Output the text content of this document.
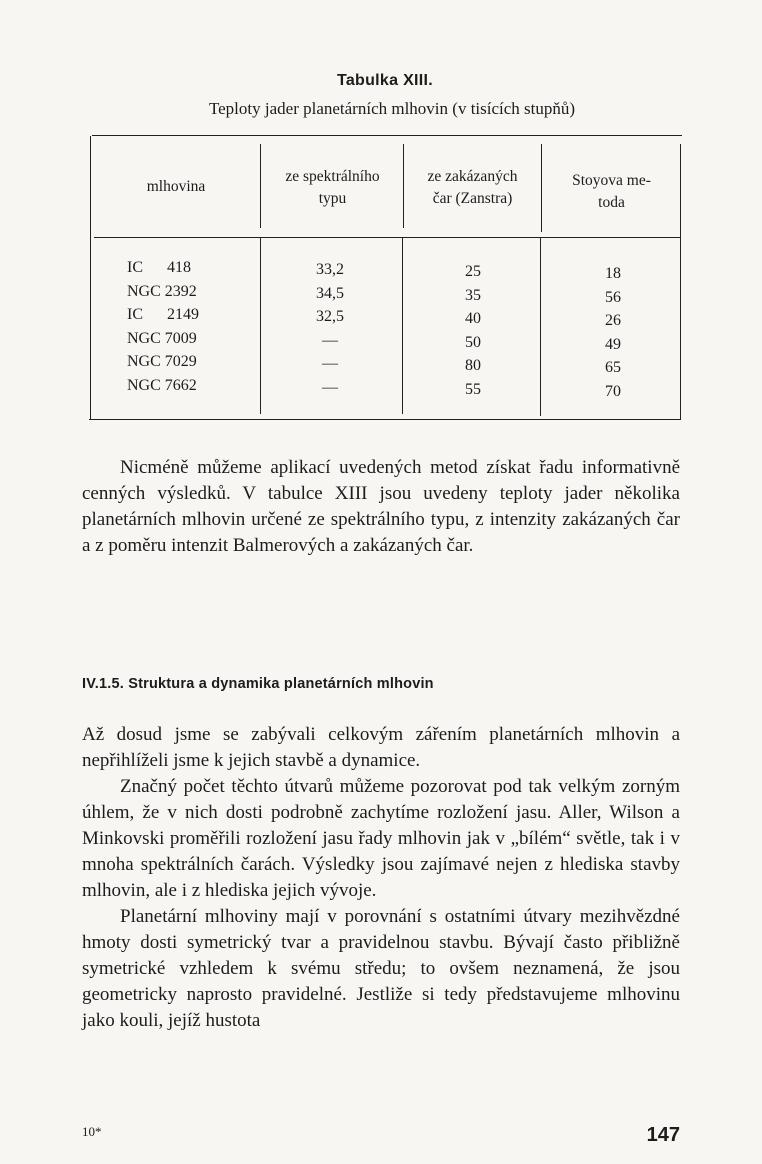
Tabulka XIII.
Teploty jader planetárních mlhovin (v tisících stupňů)
mlhovina
ze spektrálního
typu
ze zakázaných
čar (Zanstra)
Stoyova me-
toda
IC      418
NGC 2392
IC      2149
NGC 7009
NGC 7029
NGC 7662
33,2
34,5
32,5
—
—
—
25
35
40
50
80
55
18
56
26
49
65
70

Nicméně můžeme aplikací uvedených metod získat řadu informativně cenných výsledků. V tabulce XIII jsou uvedeny teploty jader několika planetárních mlhovin určené ze spektrálního typu, z intenzity zakázaných čar a z poměru intenzit Balmerových a zakázaných čar.

IV.1.5. Struktura a dynamika planetárních mlhovin

Až dosud jsme se zabývali celkovým zářením planetárních mlhovin a nepřihlíželi jsme k jejich stavbě a dynamice.

Značný počet těchto útvarů můžeme pozorovat pod tak velkým zorným úhlem, že v nich dosti podrobně zachytíme rozložení jasu. Aller, Wilson a Minkovski proměřili rozložení jasu řady mlhovin jak v „bílém“ světle, tak i v mnoha spektrálních čarách. Výsledky jsou zajímavé nejen z hlediska stavby mlhovin, ale i z hlediska jejich vývoje.

Planetární mlhoviny mají v porovnání s ostatními útvary mezihvězdné hmoty dosti symetrický tvar a pravidelnou stavbu. Bývají často přibližně symetrické vzhledem k svému středu; to ovšem neznamená, že jsou geometricky naprosto pravidelné. Jestliže si tedy představujeme mlhovinu jako kouli, jejíž hustota

10*	147
